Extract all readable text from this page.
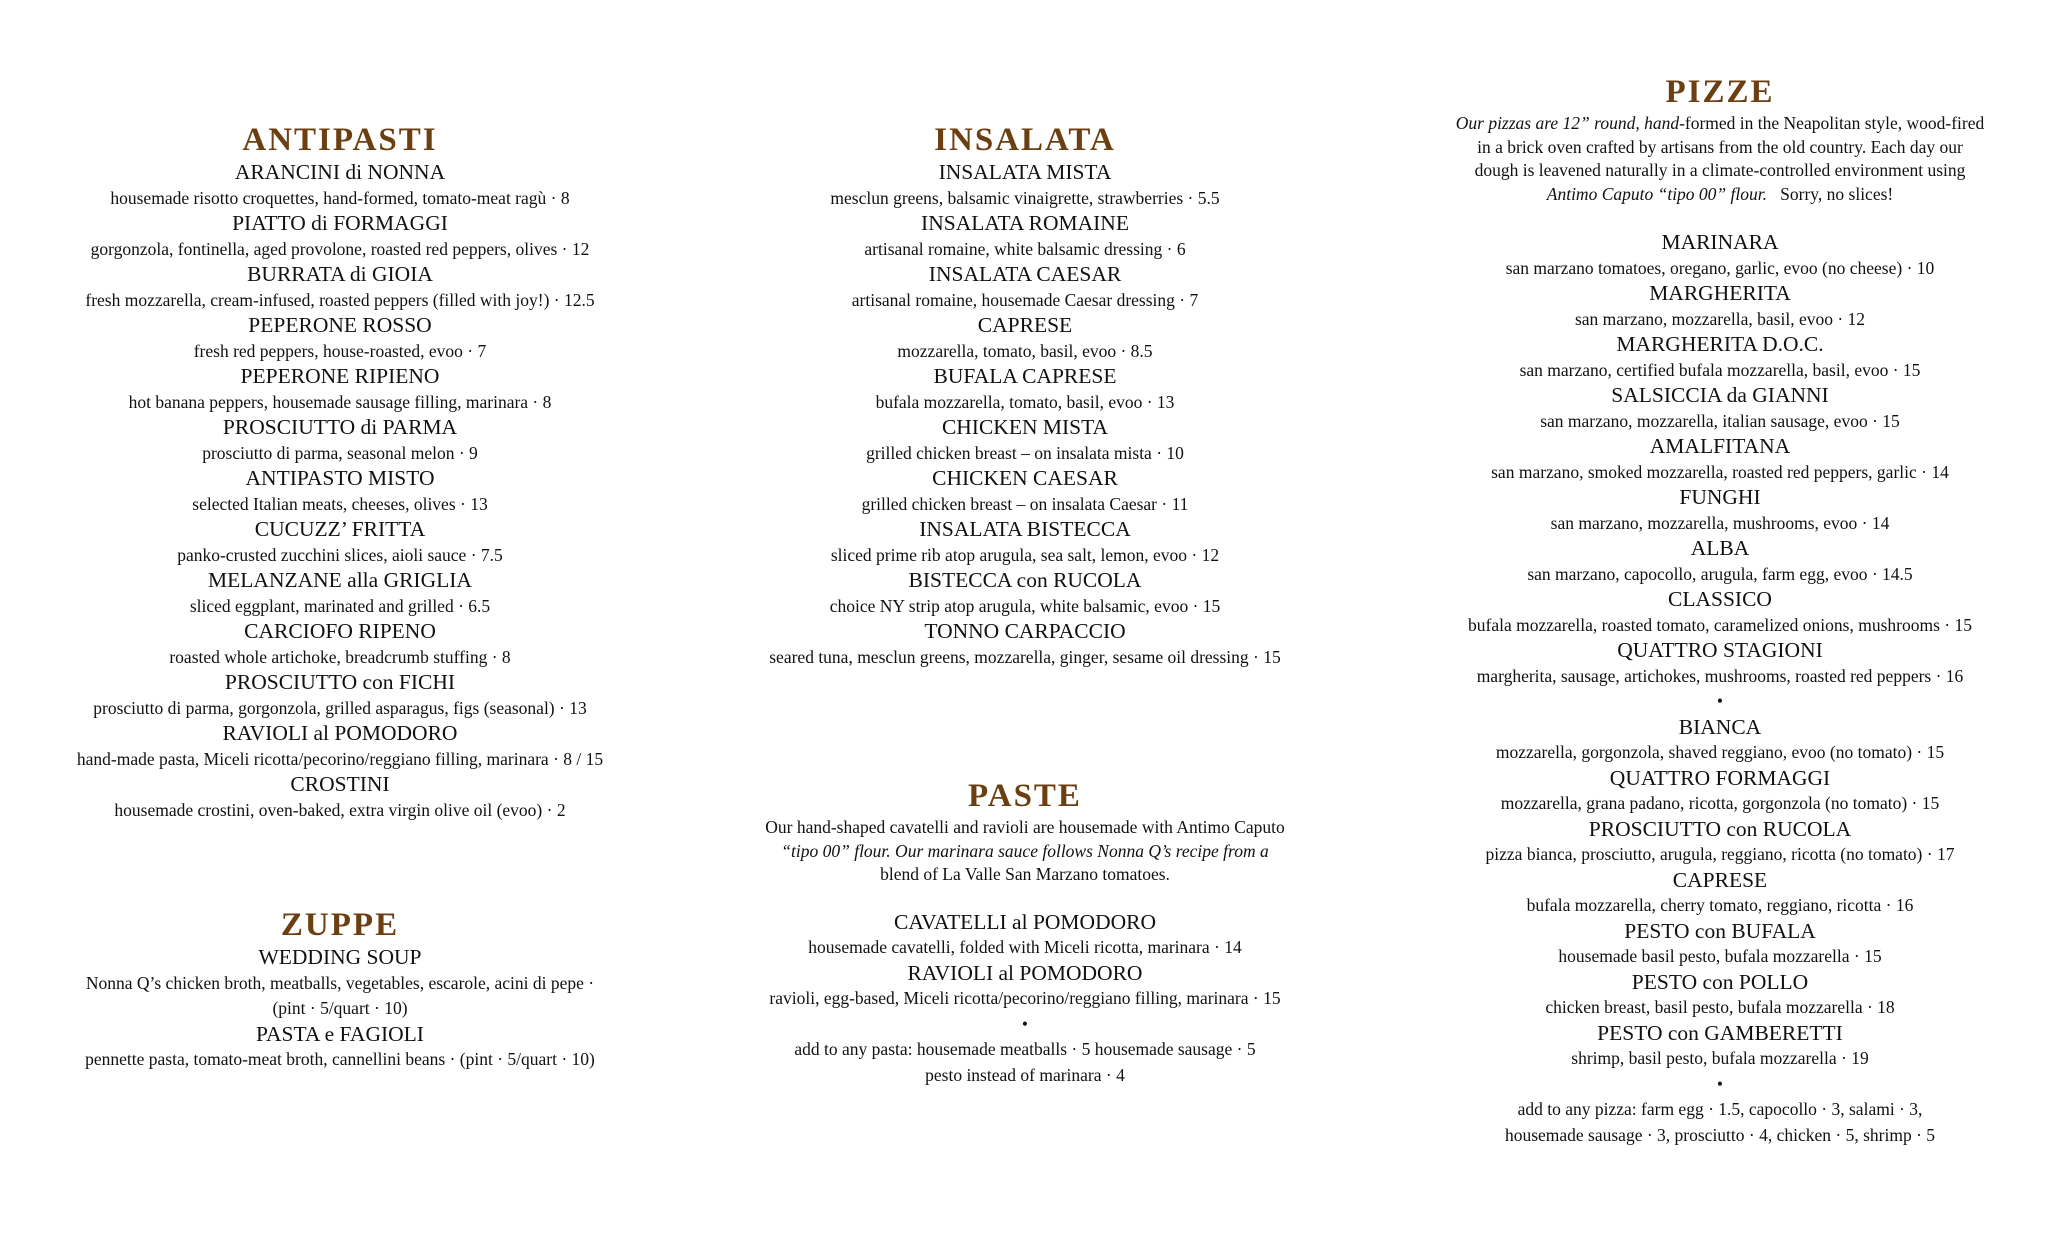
ANTIPASTI
ARANCINI di NONNA
housemade risotto croquettes, hand-formed, tomato-meat ragù · 8
PIATTO di FORMAGGI
gorgonzola, fontinella, aged provolone, roasted red peppers, olives · 12
BURRATA di GIOIA
fresh mozzarella, cream-infused, roasted peppers (filled with joy!) · 12.5
PEPERONE ROSSO
fresh red peppers, house-roasted, evoo · 7
PEPERONE RIPIENO
hot banana peppers, housemade sausage filling, marinara · 8
PROSCIUTTO di PARMA
prosciutto di parma, seasonal melon · 9
ANTIPASTO MISTO
selected Italian meats, cheeses, olives · 13
CUCUZZ’ FRITTA
panko-crusted zucchini slices, aioli sauce · 7.5
MELANZANE alla GRIGLIA
sliced eggplant, marinated and grilled · 6.5
CARCIOFO RIPENO
roasted whole artichoke, breadcrumb stuffing · 8
PROSCIUTTO con FICHI
prosciutto di parma, gorgonzola, grilled asparagus, figs (seasonal) · 13
RAVIOLI al POMODORO
hand-made pasta, Miceli ricotta/pecorino/reggiano filling, marinara · 8 / 15
CROSTINI
housemade crostini, oven-baked, extra virgin olive oil (evoo) · 2
ZUPPE
WEDDING SOUP
Nonna Q’s chicken broth, meatballs, vegetables, escarole, acini di pepe ·
(pint · 5/quart · 10)
PASTA e FAGIOLI
pennette pasta, tomato-meat broth, cannellini beans · (pint · 5/quart · 10)
INSALATA
INSALATA MISTA
mesclun greens, balsamic vinaigrette, strawberries · 5.5
INSALATA ROMAINE
artisanal romaine, white balsamic dressing · 6
INSALATA CAESAR
artisanal romaine, housemade Caesar dressing · 7
CAPRESE
mozzarella, tomato, basil, evoo · 8.5
BUFALA CAPRESE
bufala mozzarella, tomato, basil, evoo · 13
CHICKEN MISTA
grilled chicken breast – on insalata mista · 10
CHICKEN CAESAR
grilled chicken breast – on insalata Caesar · 11
INSALATA BISTECCA
sliced prime rib atop arugula, sea salt, lemon, evoo · 12
BISTECCA con RUCOLA
choice NY strip atop arugula, white balsamic, evoo · 15
TONNO CARPACCIO
seared tuna, mesclun greens, mozzarella, ginger, sesame oil dressing · 15
PASTE
Our hand-shaped cavatelli and ravioli are housemade with Antimo Caputo
“tipo 00” flour. Our marinara sauce follows Nonna Q’s recipe from a
blend of La Valle San Marzano tomatoes.
CAVATELLI al POMODORO
housemade cavatelli, folded with Miceli ricotta, marinara · 14
RAVIOLI al POMODORO
ravioli, egg-based, Miceli ricotta/pecorino/reggiano filling, marinara · 15
•
add to any pasta: housemade meatballs · 5 housemade sausage · 5
pesto instead of marinara · 4
PIZZE
Our pizzas are 12” round, hand-formed in the Neapolitan style, wood-fired
in a brick oven crafted by artisans from the old country. Each day our
dough is leavened naturally in a climate-controlled environment using
Antimo Caputo “tipo 00” flour.   Sorry, no slices!
MARINARA
san marzano tomatoes, oregano, garlic, evoo (no cheese) · 10
MARGHERITA
san marzano, mozzarella, basil, evoo · 12
MARGHERITA D.O.C.
san marzano, certified bufala mozzarella, basil, evoo · 15
SALSICCIA da GIANNI
san marzano, mozzarella, italian sausage, evoo · 15
AMALFITANA
san marzano, smoked mozzarella, roasted red peppers, garlic · 14
FUNGHI
san marzano, mozzarella, mushrooms, evoo · 14
ALBA
san marzano, capocollo, arugula, farm egg, evoo · 14.5
CLASSICO
bufala mozzarella, roasted tomato, caramelized onions, mushrooms · 15
QUATTRO STAGIONI
margherita, sausage, artichokes, mushrooms, roasted red peppers · 16
•
BIANCA
mozzarella, gorgonzola, shaved reggiano, evoo (no tomato) · 15
QUATTRO FORMAGGI
mozzarella, grana padano, ricotta, gorgonzola (no tomato) · 15
PROSCIUTTO con RUCOLA
pizza bianca, prosciutto, arugula, reggiano, ricotta (no tomato) · 17
CAPRESE
bufala mozzarella, cherry tomato, reggiano, ricotta · 16
PESTO con BUFALA
housemade basil pesto, bufala mozzarella · 15
PESTO con POLLO
chicken breast, basil pesto, bufala mozzarella · 18
PESTO con GAMBERETTI
shrimp, basil pesto, bufala mozzarella · 19
•
add to any pizza: farm egg · 1.5, capocollo · 3, salami · 3,
housemade sausage · 3, prosciutto · 4, chicken · 5, shrimp · 5
